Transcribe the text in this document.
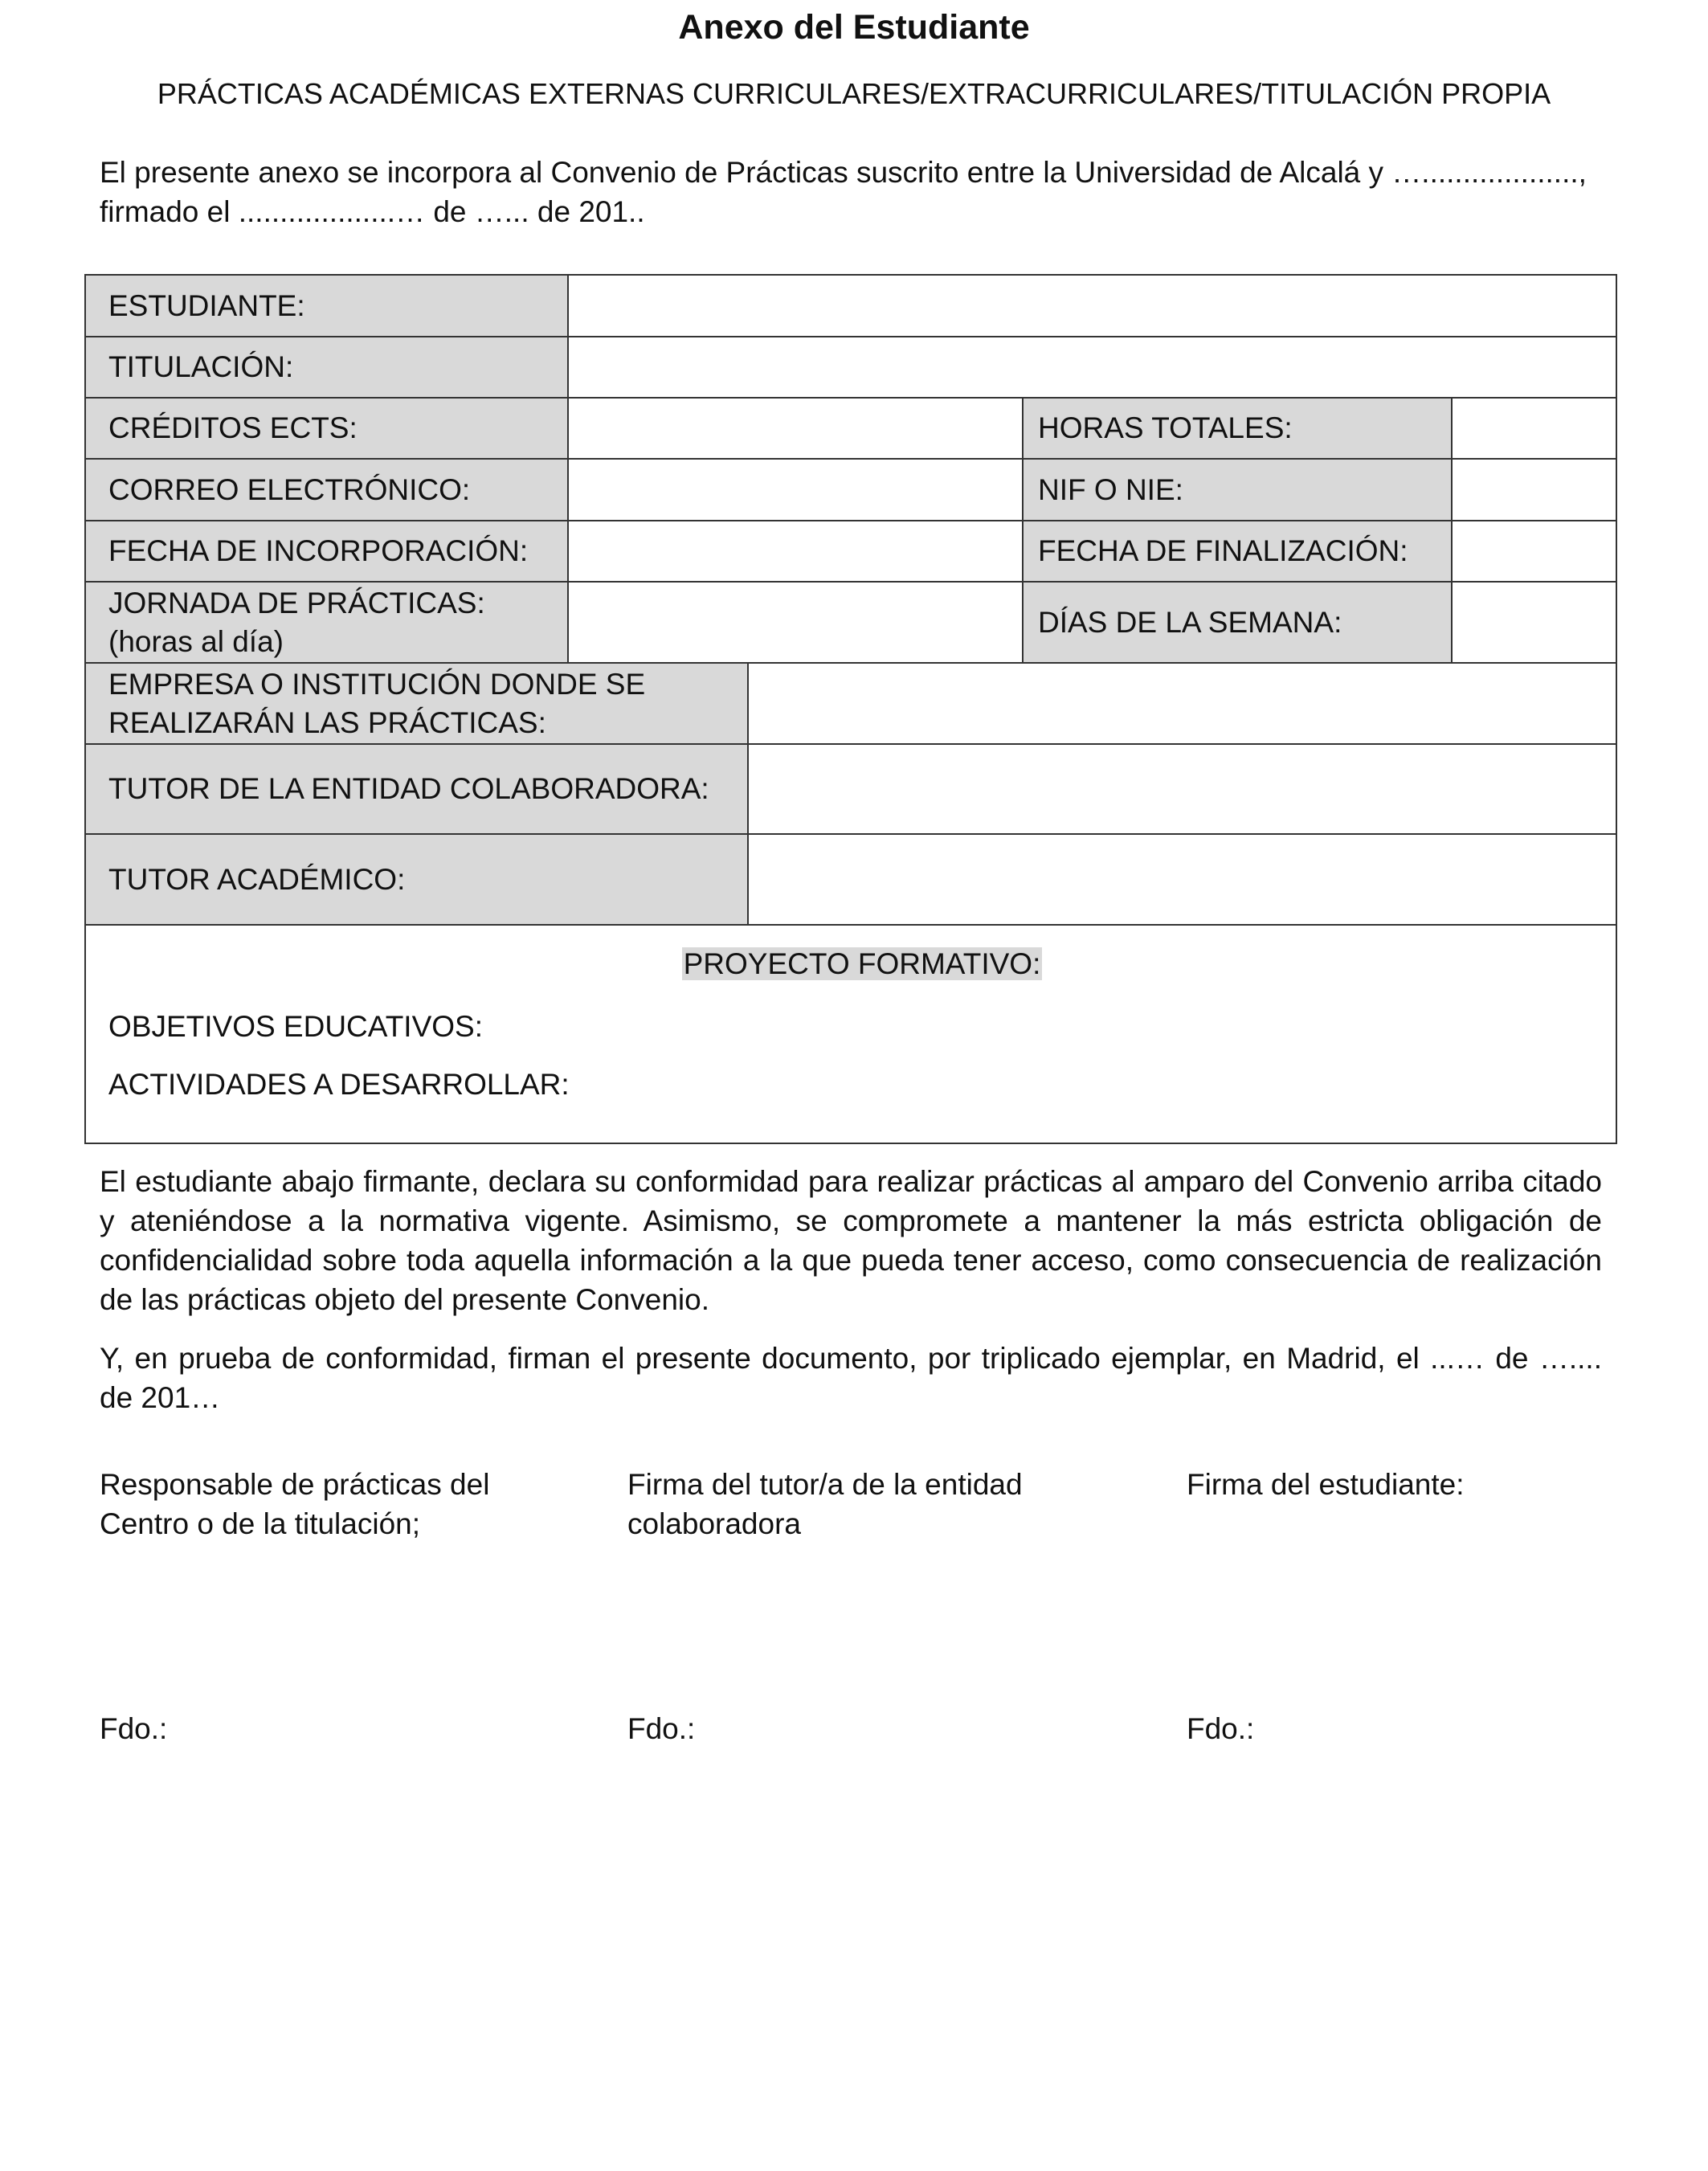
Anexo del Estudiante
PRÁCTICAS ACADÉMICAS EXTERNAS CURRICULARES/EXTRACURRICULARES/TITULACIÓN PROPIA
El presente anexo se incorpora al Convenio de Prácticas suscrito entre la Universidad de Alcalá y …...................,
firmado el ...................… de …... de 201..
ESTUDIANTE:				
TITULACIÓN:				
CRÉDITOS ECTS:			HORAS TOTALES:	
CORREO ELECTRÓNICO:			NIF O NIE:	
FECHA DE INCORPORACIÓN:			FECHA DE FINALIZACIÓN:	

JORNADA DE PRÁCTICAS:
(horas al día)			DÍAS DE LA SEMANA:	

EMPRESA O INSTITUCIÓN DONDE SE
REALIZARÁN LAS PRÁCTICAS:				

TUTOR DE LA ENTIDAD COLABORADORA:				
TUTOR ACADÉMICO:				

PROYECTO FORMATIVO:
OBJETIVOS EDUCATIVOS:
ACTIVIDADES A DESARROLLAR:				
El estudiante abajo firmante, declara su conformidad para realizar prácticas al amparo del Convenio arriba citado
y ateniéndose a la normativa vigente. Asimismo, se compromete a mantener la más estricta obligación de
confidencialidad sobre toda aquella información a la que pueda tener acceso, como consecuencia de realización
de las prácticas objeto del presente Convenio.
Y, en prueba de conformidad, firman el presente documento, por triplicado ejemplar, en Madrid, el ...… de …....
de 201…
Responsable de prácticas del
Centro o de la titulación;
Firma del tutor/a de la entidad
colaboradora
Firma del estudiante:
Fdo.:	Fdo.:	Fdo.:
